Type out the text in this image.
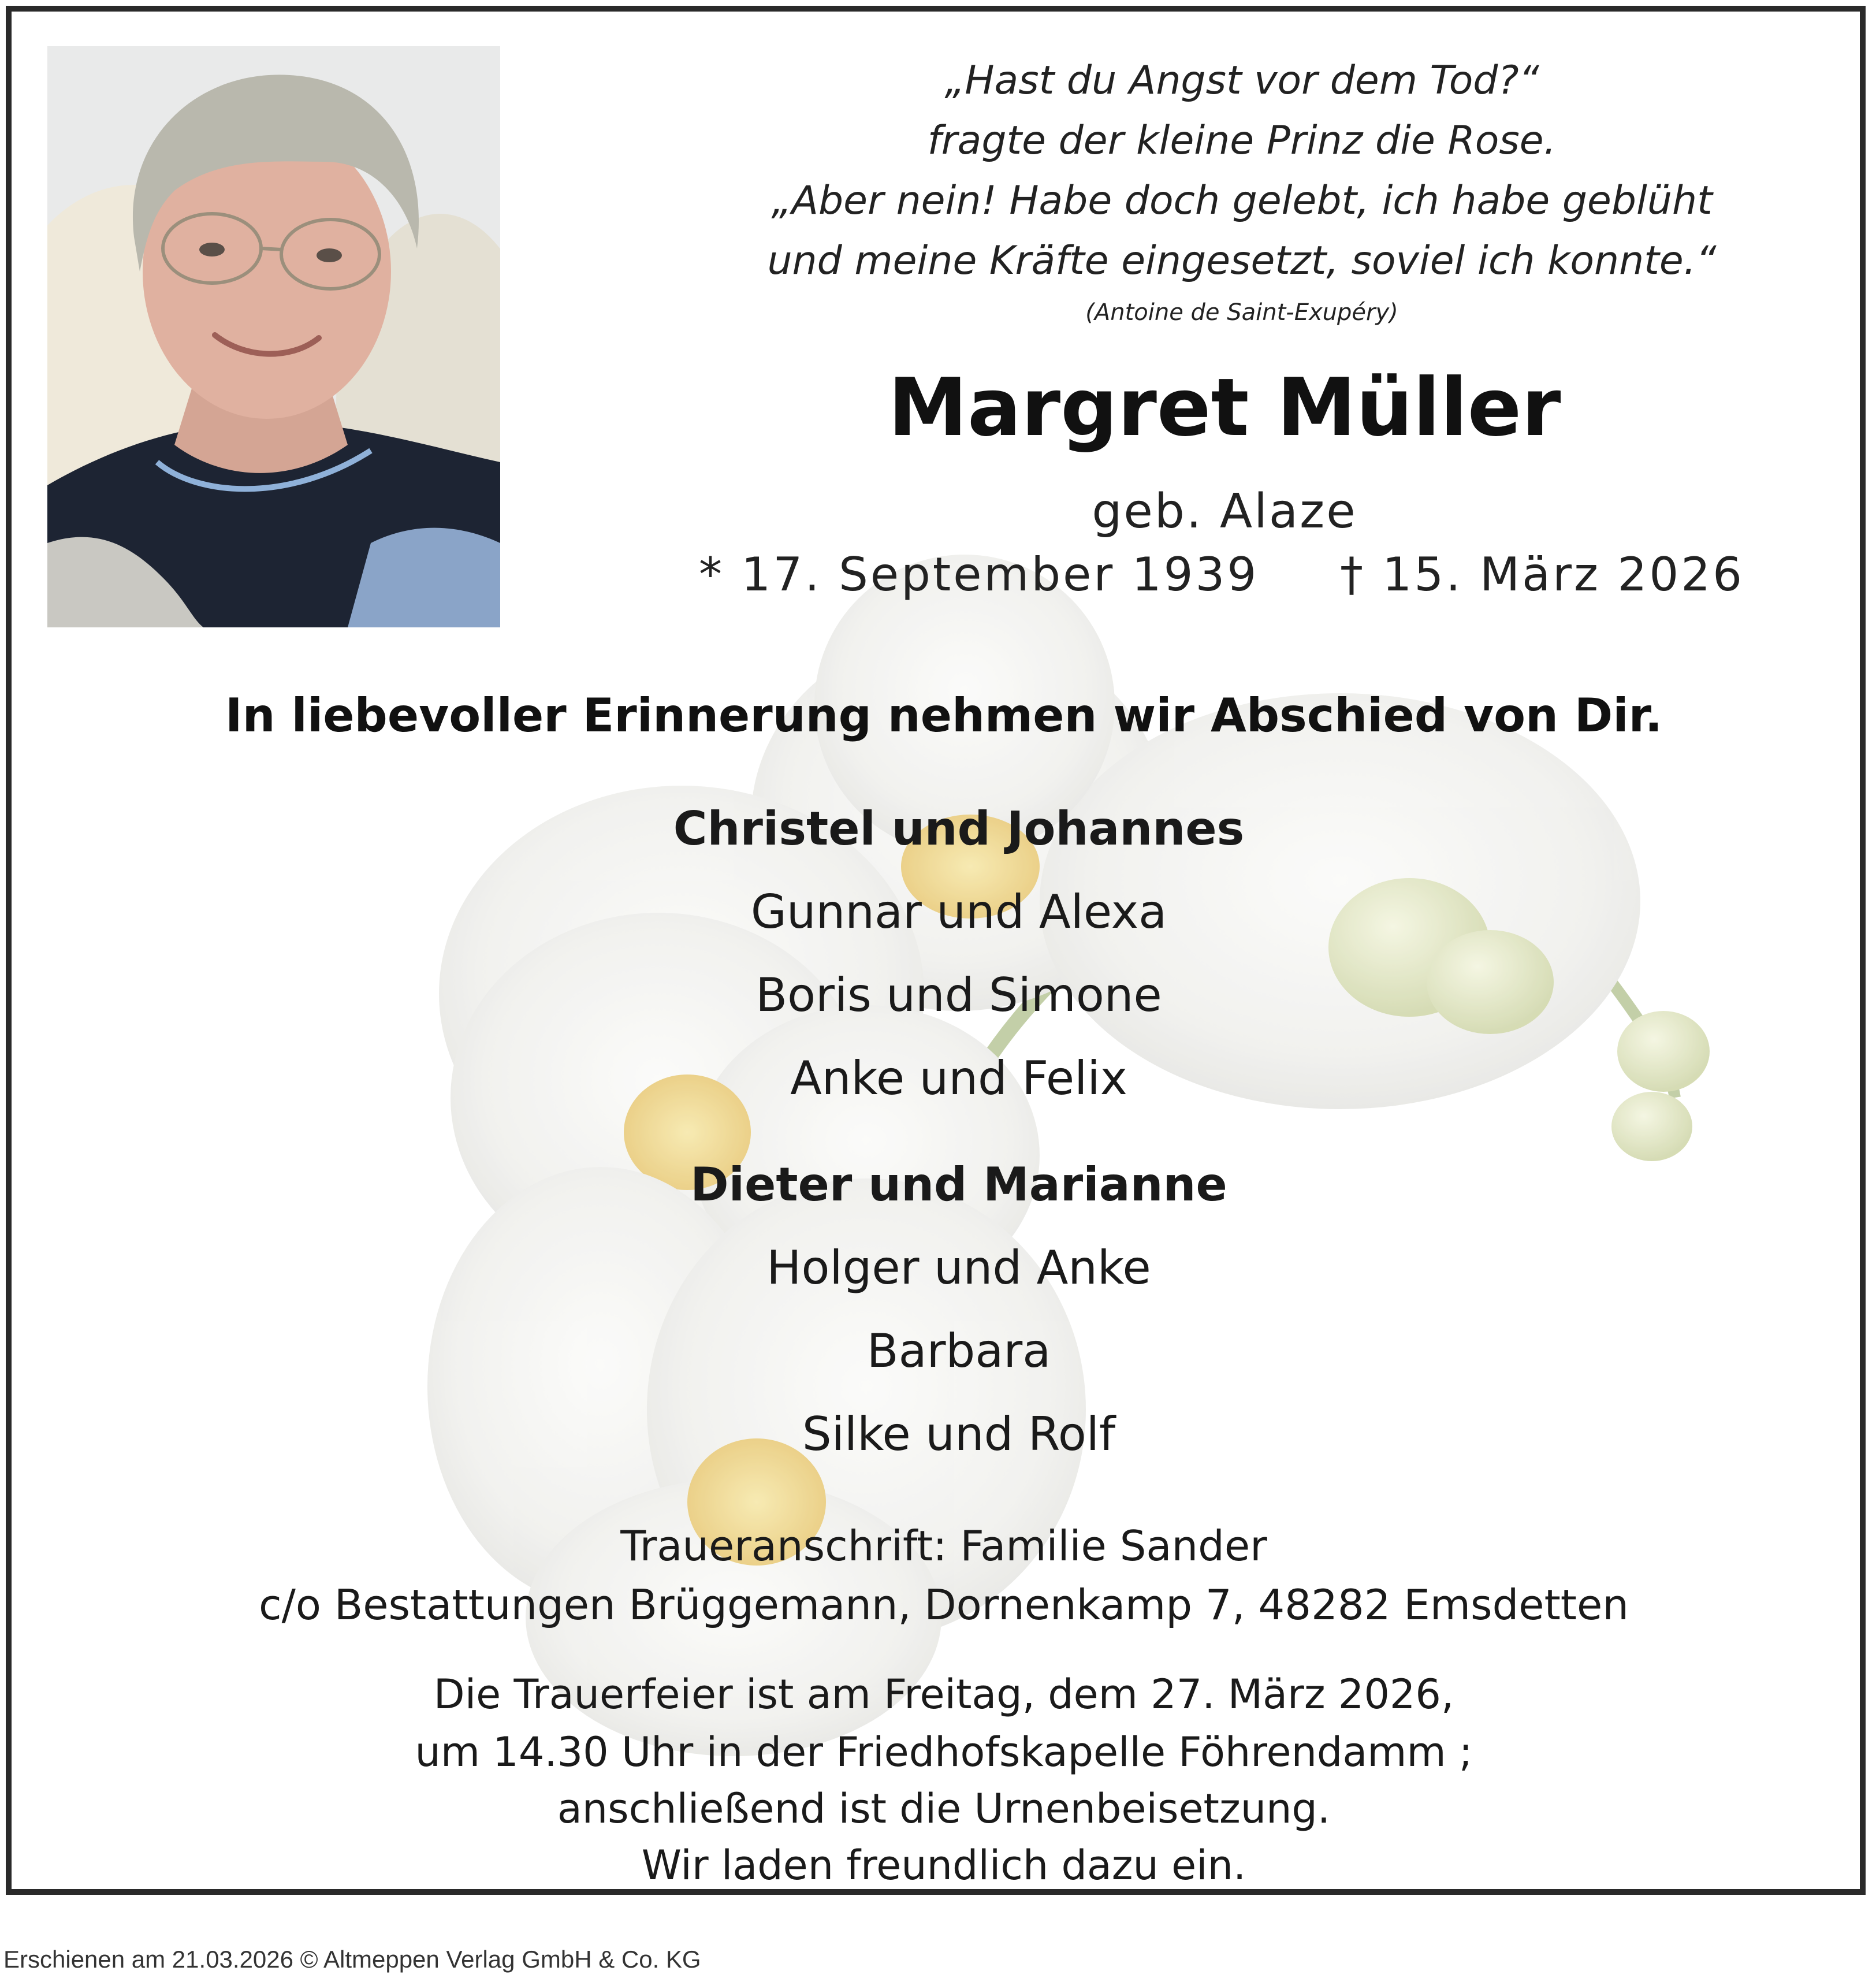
„Hast du Angst vor dem Tod?“
fragte der kleine Prinz die Rose.
„Aber nein! Habe doch gelebt, ich habe geblüht
und meine Kräfte eingesetzt, soviel ich konnte.“
(Antoine de Saint-Exupéry)
Margret Müller
geb. Alaze
* 17. September 1939 † 15. März 2026
In liebevoller Erinnerung nehmen wir Abschied von Dir.
Christel und Johannes
Gunnar und Alexa
Boris und Simone
Anke und Felix
Dieter und Marianne
Holger und Anke
Barbara
Silke und Rolf
Traueranschrift: Familie Sander
c/o Bestattungen Brüggemann, Dornenkamp 7, 48282 Emsdetten
Die Trauerfeier ist am Freitag, dem 27. März 2026,
um 14.30 Uhr in der Friedhofskapelle Föhrendamm ;
anschließend ist die Urnenbeisetzung.
Wir laden freundlich dazu ein.
Erschienen am 21.03.2026 © Altmeppen Verlag GmbH & Co. KG
